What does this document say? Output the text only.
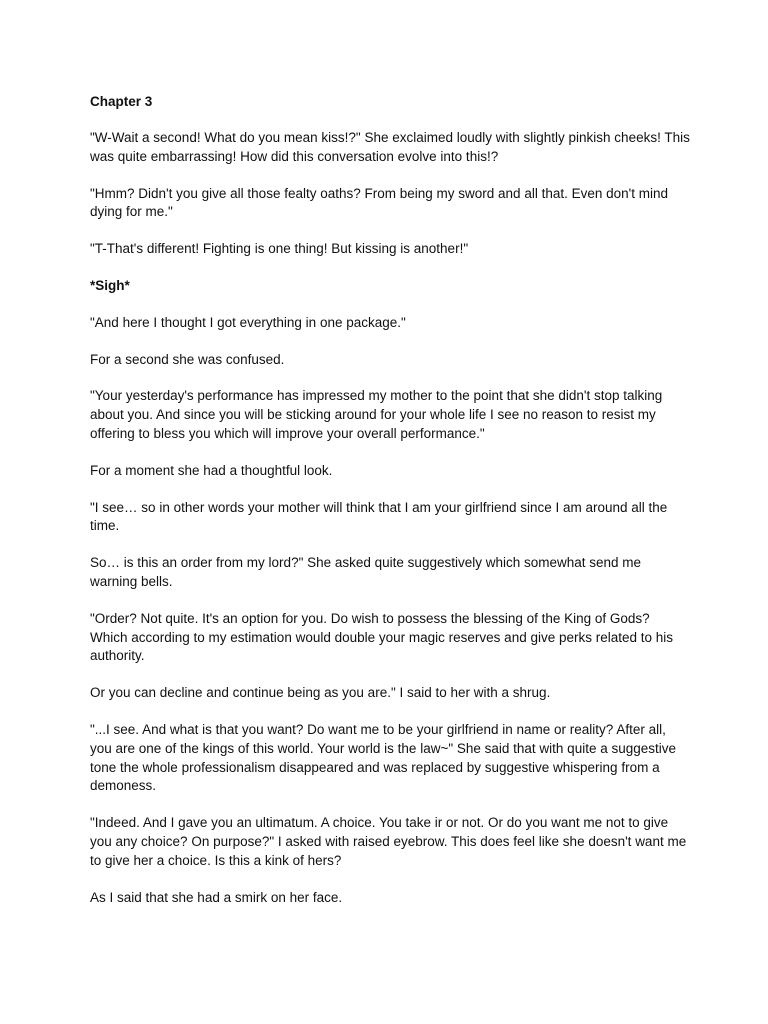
Chapter 3

"W-Wait a second! What do you mean kiss!?" She exclaimed loudly with slightly pinkish cheeks! This was quite embarrassing! How did this conversation evolve into this!?

"Hmm? Didn't you give all those fealty oaths? From being my sword and all that. Even don't mind dying for me."

"T-That's different! Fighting is one thing! But kissing is another!"

*Sigh*

"And here I thought I got everything in one package."

For a second she was confused.

"Your yesterday's performance has impressed my mother to the point that she didn't stop talking about you. And since you will be sticking around for your whole life I see no reason to resist my offering to bless you which will improve your overall performance."

For a moment she had a thoughtful look.

"I see… so in other words your mother will think that I am your girlfriend since I am around all the time.

So… is this an order from my lord?" She asked quite suggestively which somewhat send me warning bells.

"Order? Not quite. It's an option for you. Do wish to possess the blessing of the King of Gods? Which according to my estimation would double your magic reserves and give perks related to his authority.

Or you can decline and continue being as you are." I said to her with a shrug.

"...I see. And what is that you want? Do want me to be your girlfriend in name or reality? After all, you are one of the kings of this world. Your world is the law~" She said that with quite a suggestive tone the whole professionalism disappeared and was replaced by suggestive whispering from a demoness.

"Indeed. And I gave you an ultimatum. A choice. You take ir or not. Or do you want me not to give you any choice? On purpose?" I asked with raised eyebrow. This does feel like she doesn't want me to give her a choice. Is this a kink of hers?

As I said that she had a smirk on her face.
